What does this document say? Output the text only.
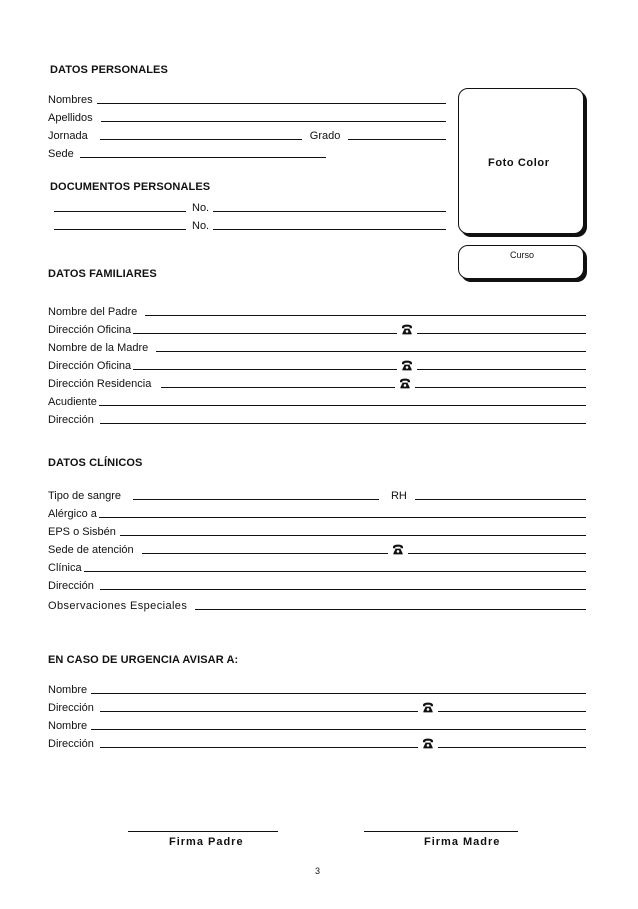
DATOS PERSONALES
Nombres
Apellidos
Jornada	Grado
Sede
Foto Color
Curso
DOCUMENTOS PERSONALES
No.
No.
DATOS FAMILIARES
Nombre del Padre
Dirección Oficina
Nombre de la Madre
Dirección Oficina
Dirección Residencia
Acudiente
Dirección
DATOS CLÍNICOS
Tipo de sangre	RH
Alérgico a
EPS o Sisbén
Sede de atención
Clínica
Dirección
Observaciones Especiales
EN CASO DE URGENCIA AVISAR A:
Nombre
Dirección
Nombre
Dirección
Firma Padre	Firma Madre
3
